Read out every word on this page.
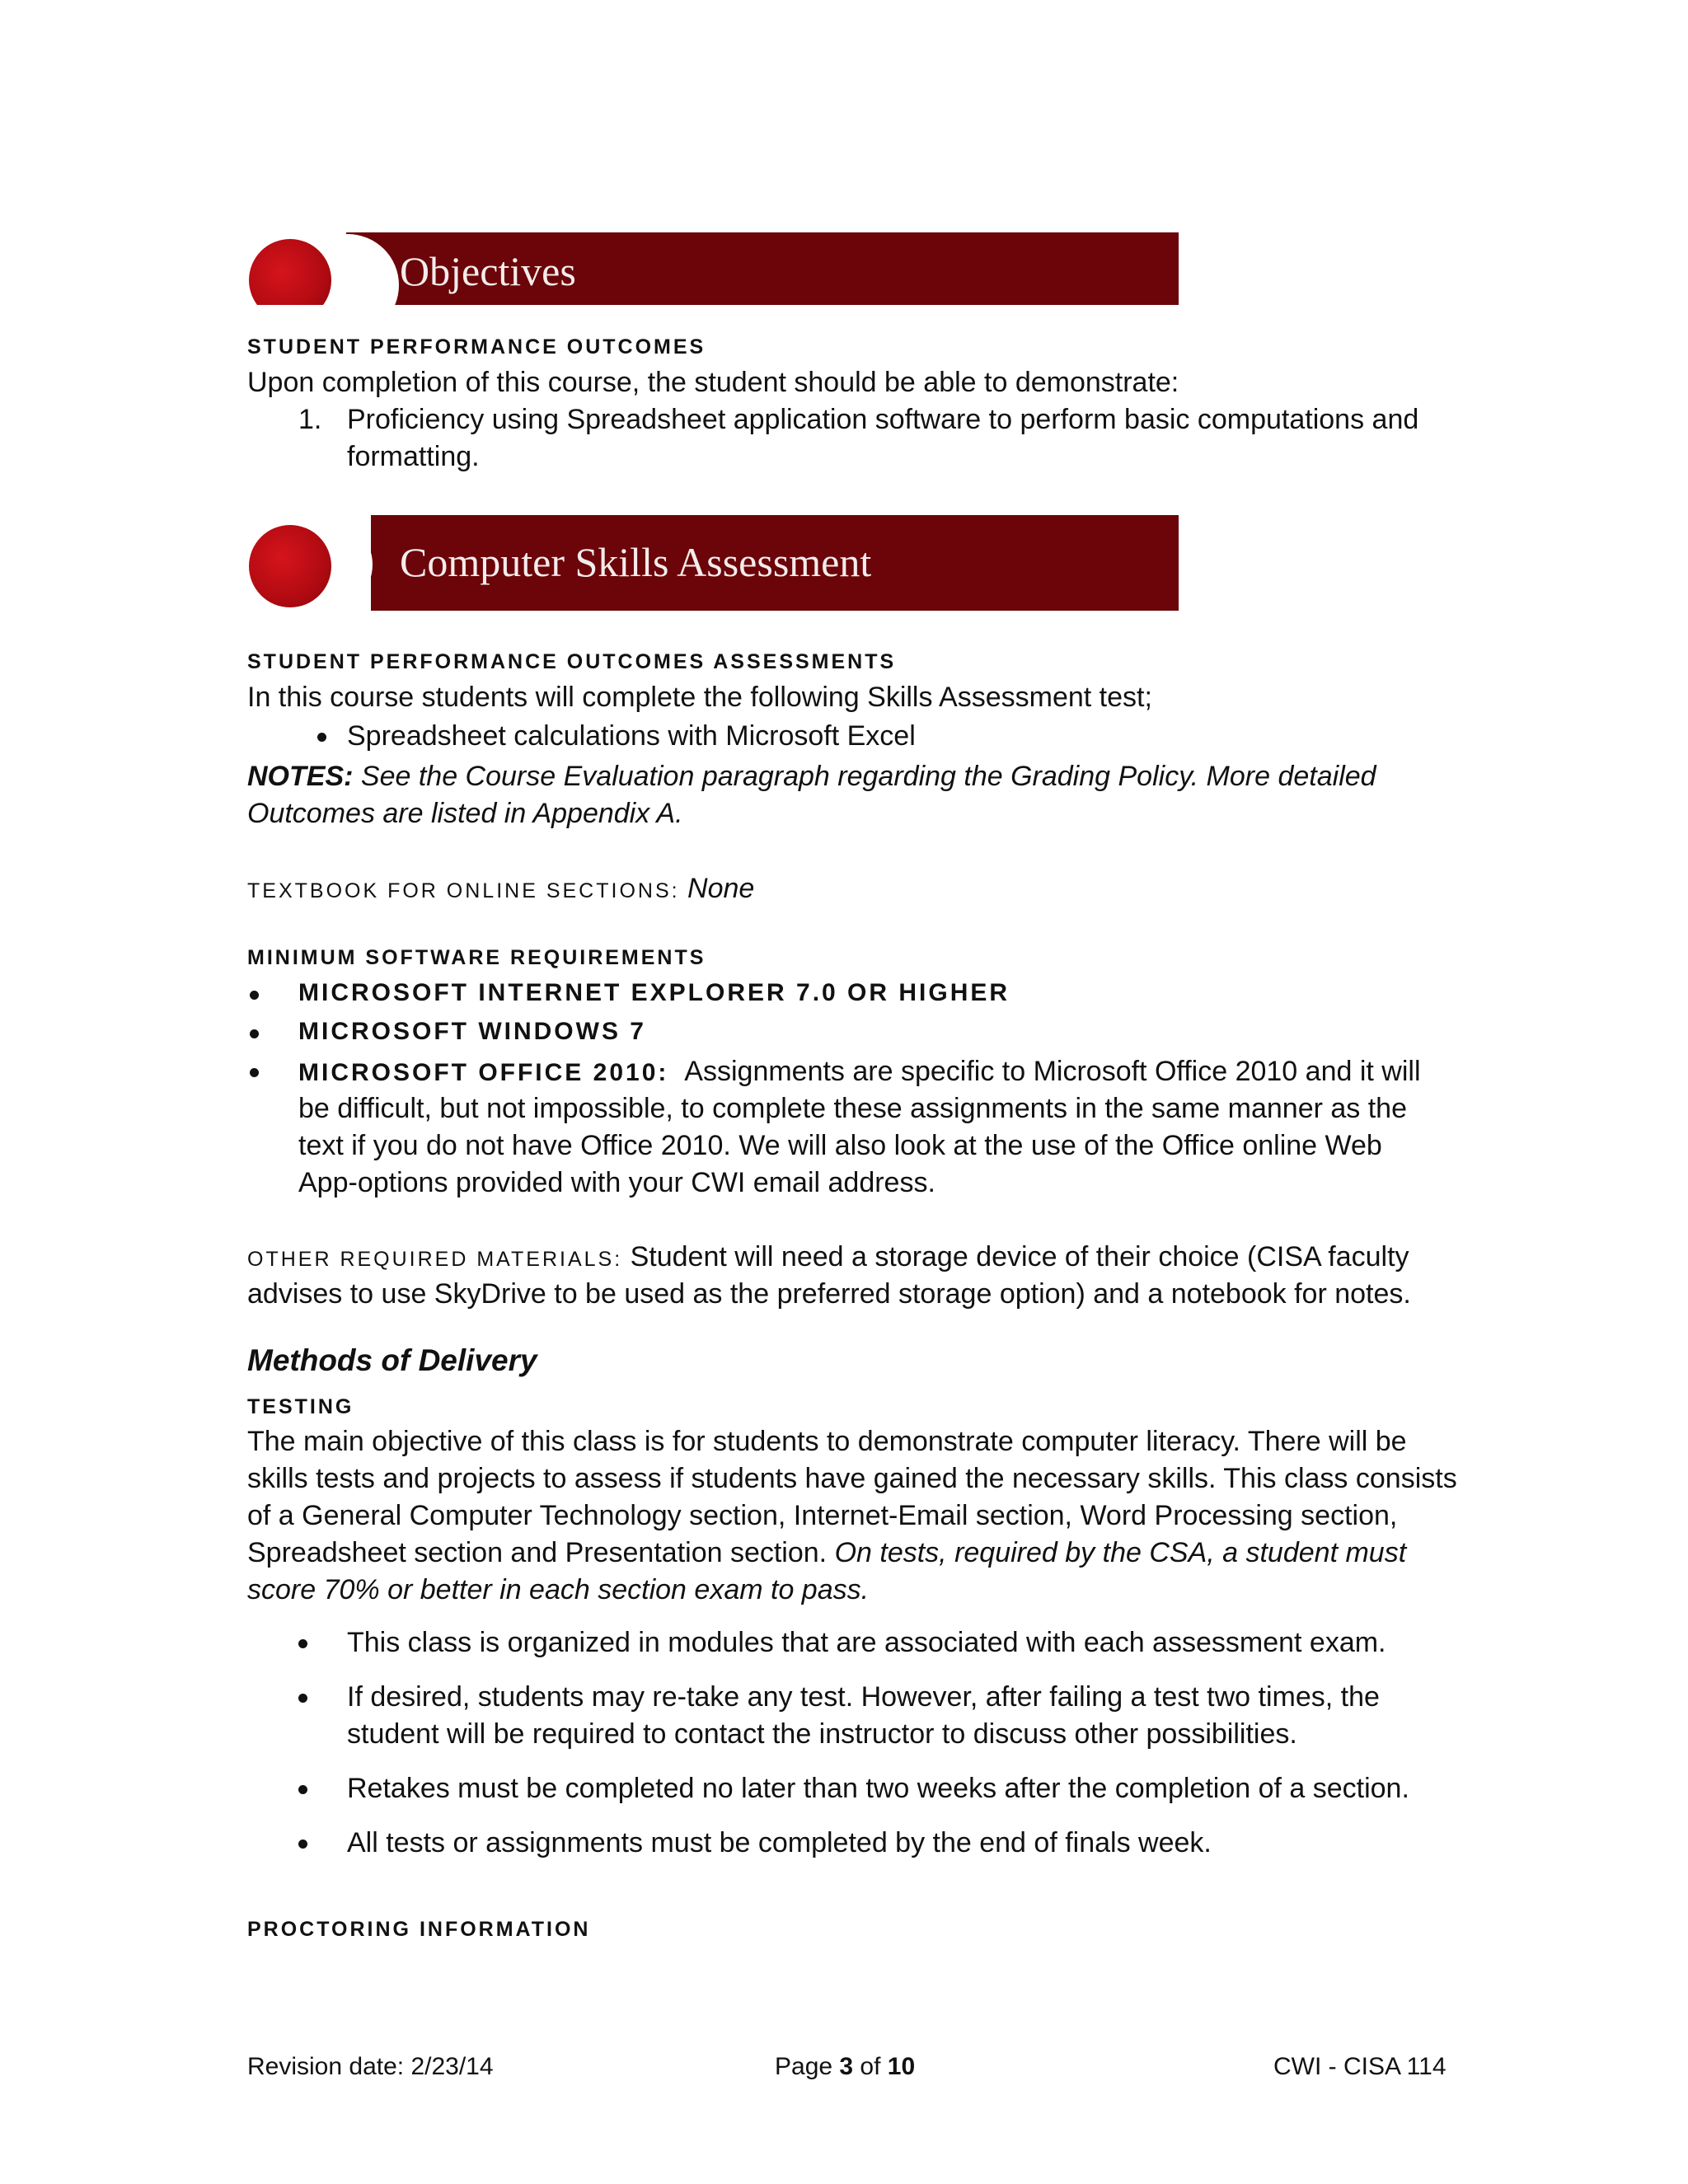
Objectives
STUDENT PERFORMANCE OUTCOMES
Upon completion of this course, the student should be able to demonstrate:
1. Proficiency using Spreadsheet application software to perform basic computations and
formatting.
Computer Skills Assessment
STUDENT PERFORMANCE OUTCOMES ASSESSMENTS
In this course students will complete the following Skills Assessment test;
Spreadsheet calculations with Microsoft Excel
NOTES: See the Course Evaluation paragraph regarding the Grading Policy. More detailed
Outcomes are listed in Appendix A.
TEXTBOOK FOR ONLINE SECTIONS: None
MINIMUM SOFTWARE REQUIREMENTS
MICROSOFT INTERNET EXPLORER 7.0 OR HIGHER
MICROSOFT WINDOWS 7
MICROSOFT OFFICE 2010: Assignments are specific to Microsoft Office 2010 and it will
be difficult, but not impossible, to complete these assignments in the same manner as the
text if you do not have Office 2010. We will also look at the use of the Office online Web
App-options provided with your CWI email address.
OTHER REQUIRED MATERIALS: Student will need a storage device of their choice (CISA faculty
advises to use SkyDrive to be used as the preferred storage option) and a notebook for notes.
Methods of Delivery
TESTING
The main objective of this class is for students to demonstrate computer literacy. There will be
skills tests and projects to assess if students have gained the necessary skills. This class consists
of a General Computer Technology section, Internet-Email section, Word Processing section,
Spreadsheet section and Presentation section. On tests, required by the CSA, a student must
score 70% or better in each section exam to pass.
This class is organized in modules that are associated with each assessment exam.
If desired, students may re-take any test. However, after failing a test two times, the
student will be required to contact the instructor to discuss other possibilities.
Retakes must be completed no later than two weeks after the completion of a section.
All tests or assignments must be completed by the end of finals week.
PROCTORING INFORMATION
Revision date: 2/23/14	Page 3 of 10	CWI - CISA 114
